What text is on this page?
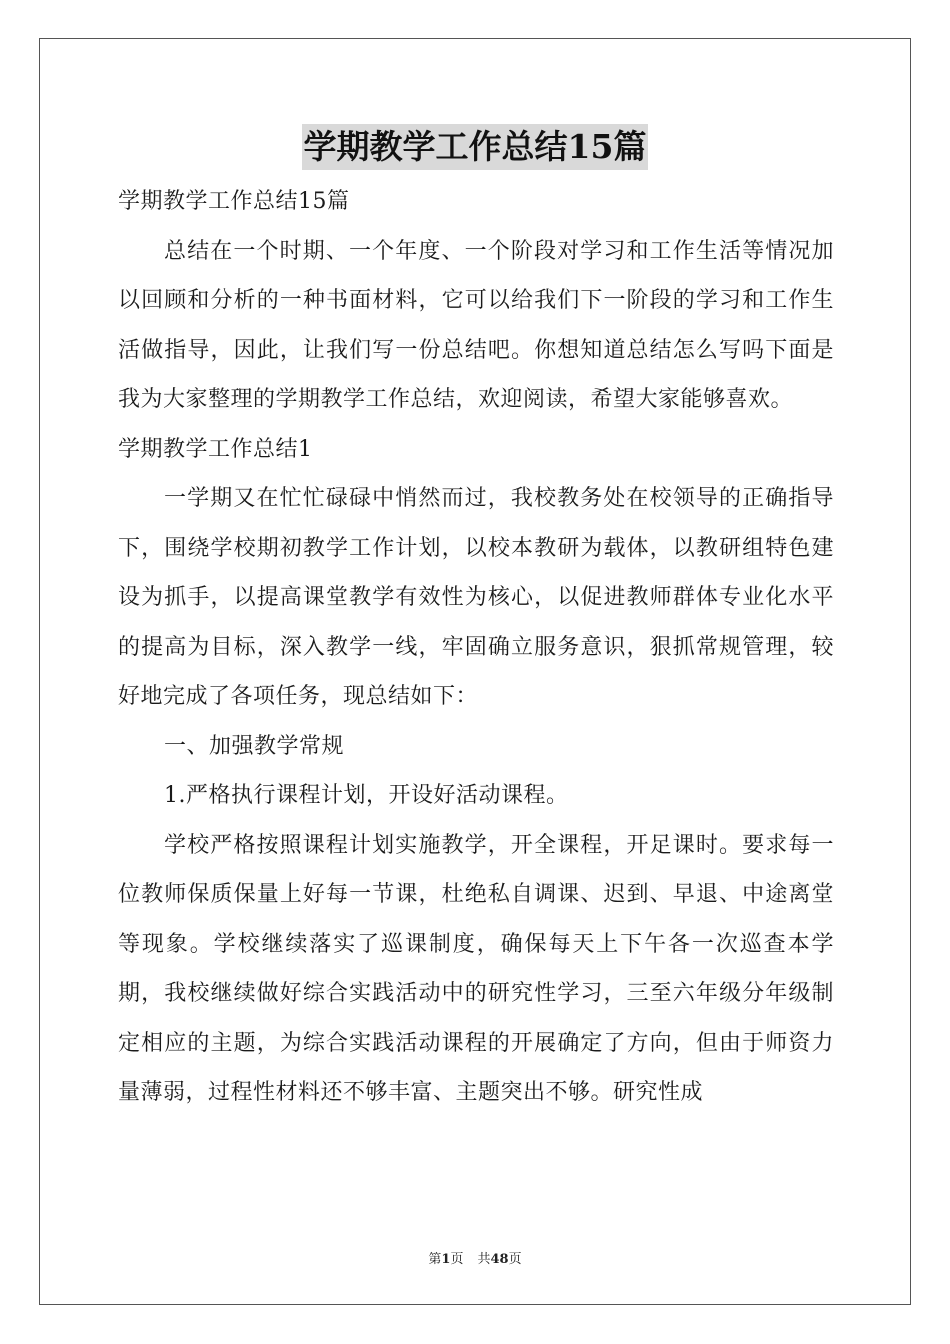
学期教学工作总结15篇

学期教学工作总结15篇

总结在一个时期、一个年度、一个阶段对学习和工作生活等情况加以回顾和分析的一种书面材料，它可以给我们下一阶段的学习和工作生活做指导，因此，让我们写一份总结吧。你想知道总结怎么写吗下面是我为大家整理的学期教学工作总结，欢迎阅读，希望大家能够喜欢。

学期教学工作总结1

一学期又在忙忙碌碌中悄然而过，我校教务处在校领导的正确指导下，围绕学校期初教学工作计划，以校本教研为载体，以教研组特色建设为抓手，以提高课堂教学有效性为核心，以促进教师群体专业化水平的提高为目标，深入教学一线，牢固确立服务意识，狠抓常规管理，较好地完成了各项任务，现总结如下：

一、加强教学常规

1.严格执行课程计划，开设好活动课程。

学校严格按照课程计划实施教学，开全课程，开足课时。要求每一位教师保质保量上好每一节课，杜绝私自调课、迟到、早退、中途离堂等现象。学校继续落实了巡课制度，确保每天上下午各一次巡查本学期，我校继续做好综合实践活动中的研究性学习，三至六年级分年级制定相应的主题，为综合实践活动课程的开展确定了方向，但由于师资力量薄弱，过程性材料还不够丰富、主题突出不够。研究性成

第1页 共48页
